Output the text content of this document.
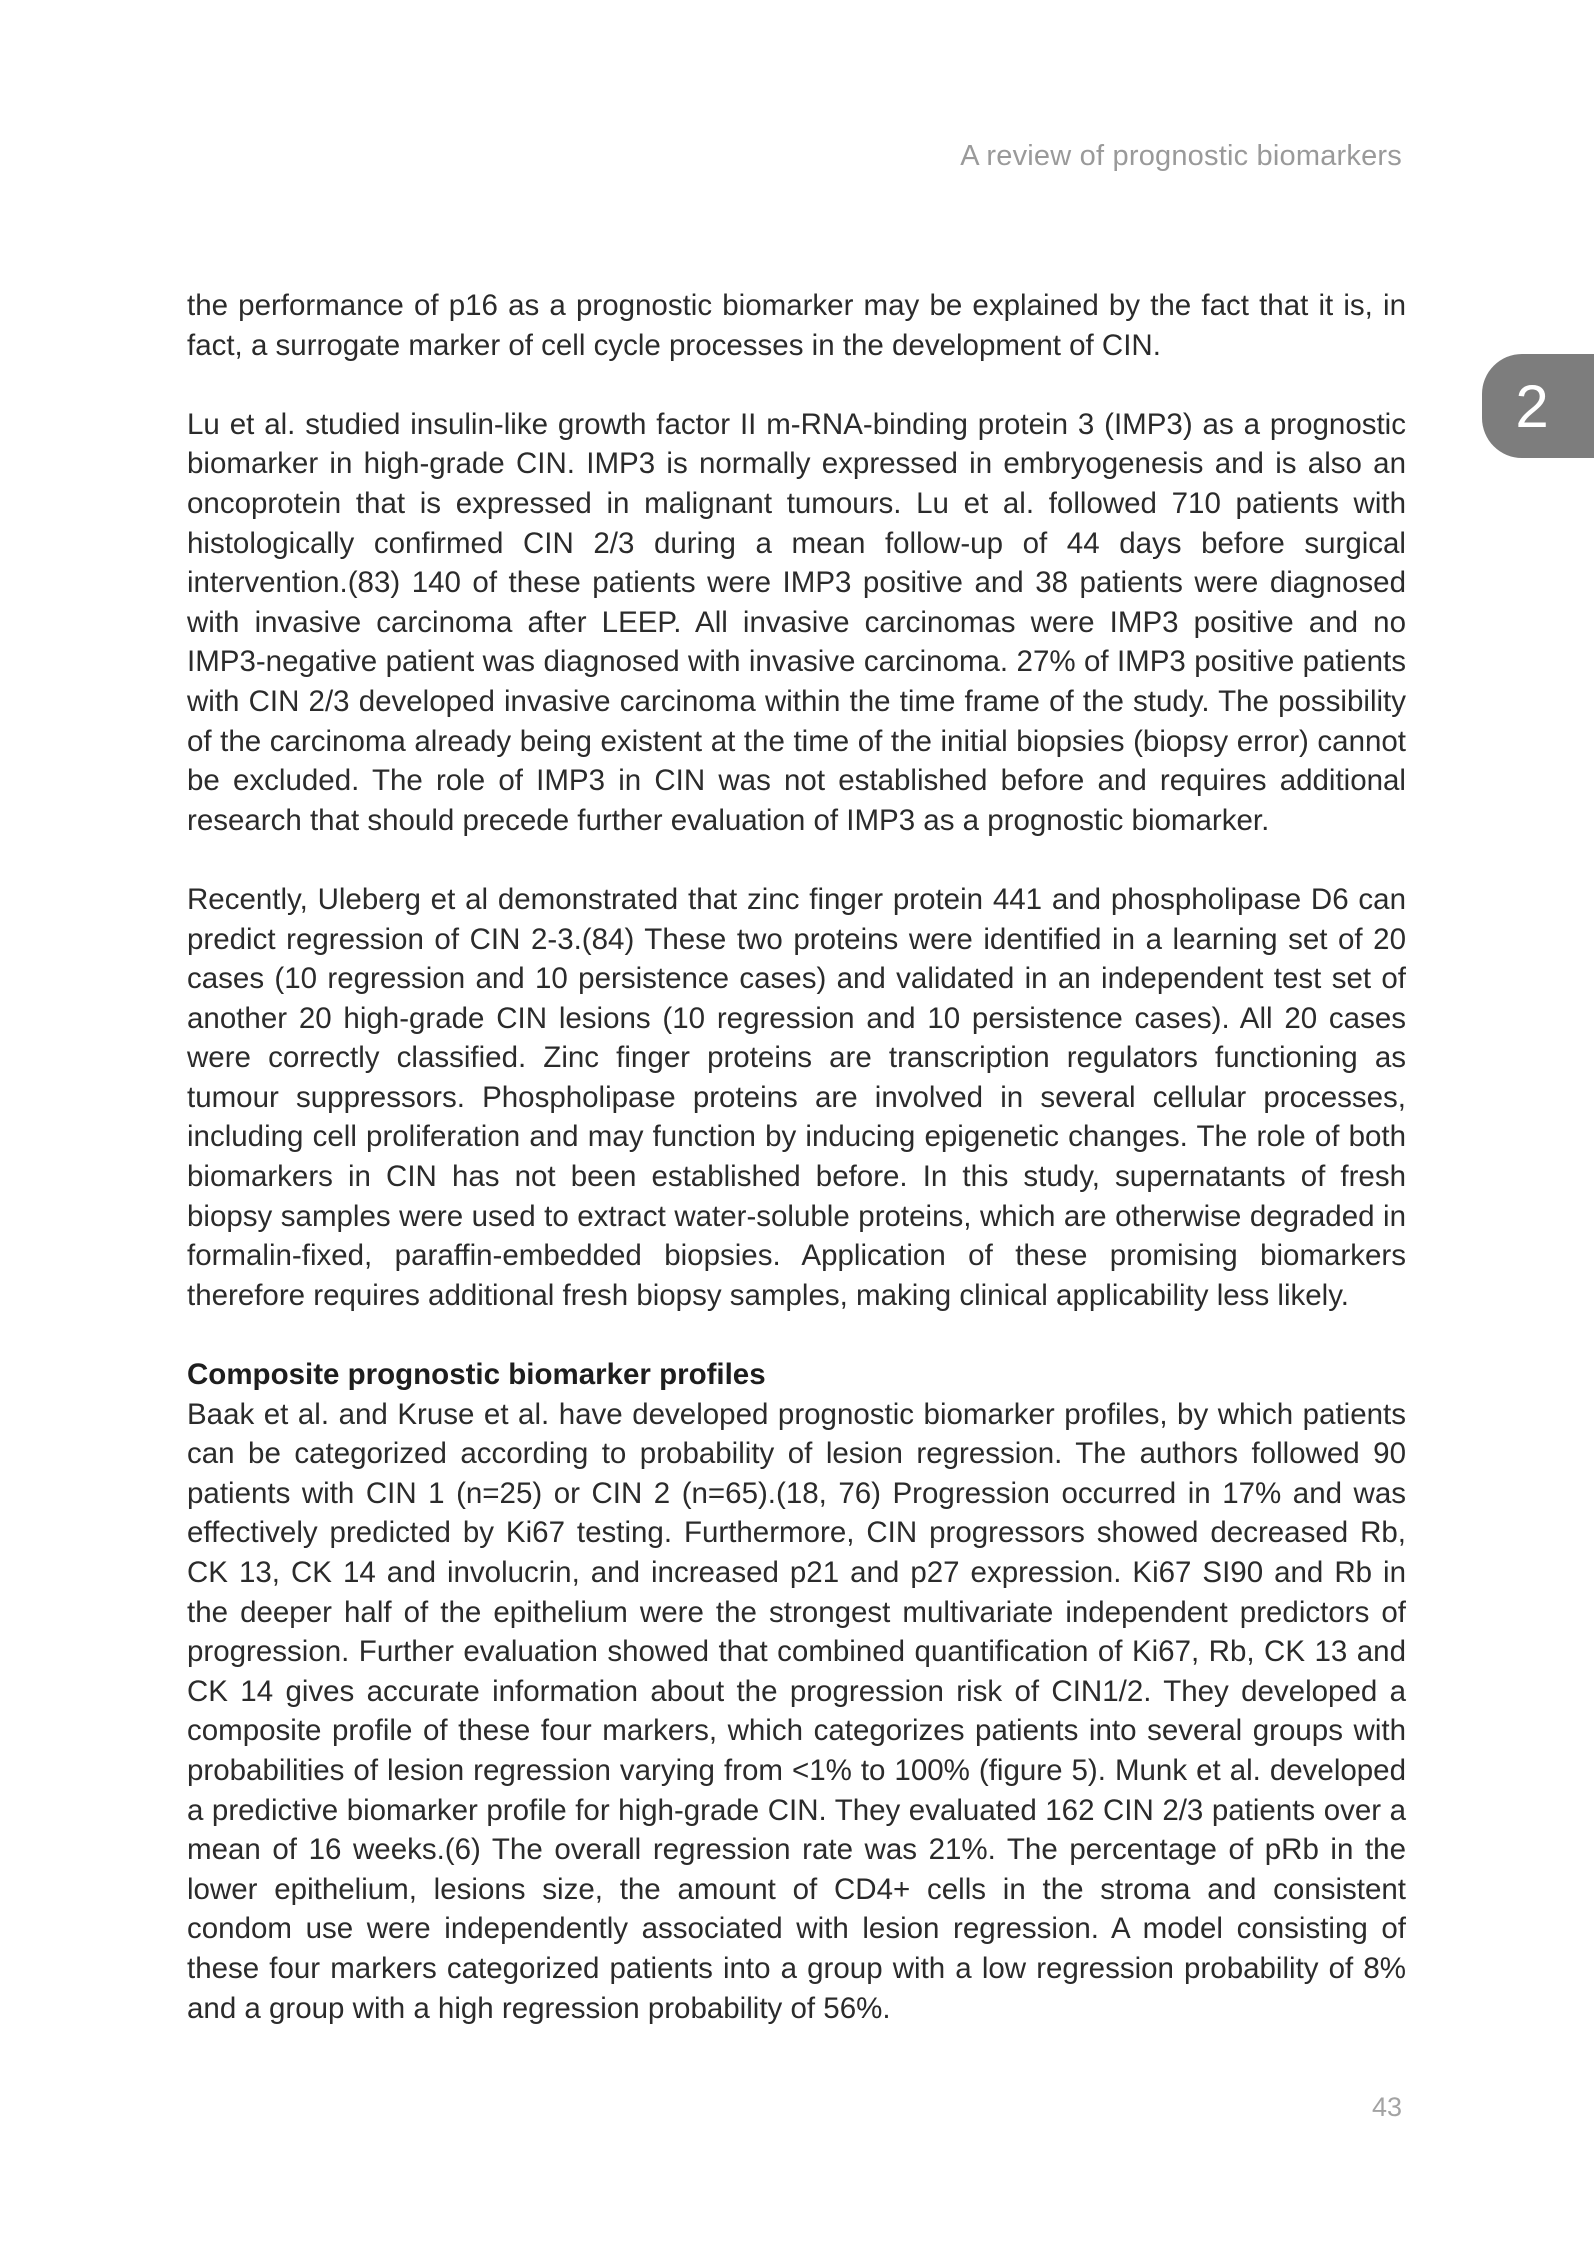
A review of prognostic biomarkers
2

the performance of p16 as a prognostic biomarker may be explained by the fact that it is, in fact, a surrogate marker of cell cycle processes in the development of CIN.

Lu et al. studied insulin-like growth factor II m-RNA-binding protein 3 (IMP3) as a prognostic biomarker in high-grade CIN. IMP3 is normally expressed in embryogenesis and is also an oncoprotein that is expressed in malignant tumours. Lu et al. followed 710 patients with histologically confirmed CIN 2/3 during a mean follow-up of 44 days before surgical intervention.(83) 140 of these patients were IMP3 positive and 38 patients were diagnosed with invasive carcinoma after LEEP. All invasive carcinomas were IMP3 positive and no IMP3-negative patient was diagnosed with invasive carcinoma. 27% of IMP3 positive patients with CIN 2/3 developed invasive carcinoma within the time frame of the study. The possibility of the carcinoma already being existent at the time of the initial biopsies (biopsy error) cannot be excluded. The role of IMP3 in CIN was not established before and requires additional research that should precede further evaluation of IMP3 as a prognostic biomarker.

Recently, Uleberg et al demonstrated that zinc finger protein 441 and phospholipase D6 can predict regression of CIN 2-3.(84) These two proteins were identified in a learning set of 20 cases (10 regression and 10 persistence cases) and validated in an independent test set of another 20 high-grade CIN lesions (10 regression and 10 persistence cases). All 20 cases were correctly classified. Zinc finger proteins are transcription regulators functioning as tumour suppressors. Phospholipase proteins are involved in several cellular processes, including cell proliferation and may function by inducing epigenetic changes. The role of both biomarkers in CIN has not been established before. In this study, supernatants of fresh biopsy samples were used to extract water-soluble proteins, which are otherwise degraded in formalin-fixed, paraffin-embedded biopsies. Application of these promising biomarkers therefore requires additional fresh biopsy samples, making clinical applicability less likely.

Composite prognostic biomarker profiles

Baak et al. and Kruse et al. have developed prognostic biomarker profiles, by which patients can be categorized according to probability of lesion regression. The authors followed 90 patients with CIN 1 (n=25) or CIN 2 (n=65).(18, 76) Progression occurred in 17% and was effectively predicted by Ki67 testing. Furthermore, CIN progressors showed decreased Rb, CK 13, CK 14 and involucrin, and increased p21 and p27 expression. Ki67 SI90 and Rb in the deeper half of the epithelium were the strongest multivariate independent predictors of progression. Further evaluation showed that combined quantification of Ki67, Rb, CK 13 and CK 14 gives accurate information about the progression risk of CIN1/2. They developed a composite profile of these four markers, which categorizes patients into several groups with probabilities of lesion regression varying from <1% to 100% (figure 5). Munk et al. developed a predictive biomarker profile for high-grade CIN. They evaluated 162 CIN 2/3 patients over a mean of 16 weeks.(6) The overall regression rate was 21%. The percentage of pRb in the lower epithelium, lesions size, the amount of CD4+ cells in the stroma and consistent condom use were independently associated with lesion regression. A model consisting of these four markers categorized patients into a group with a low regression probability of 8% and a group with a high regression probability of 56%.

43
